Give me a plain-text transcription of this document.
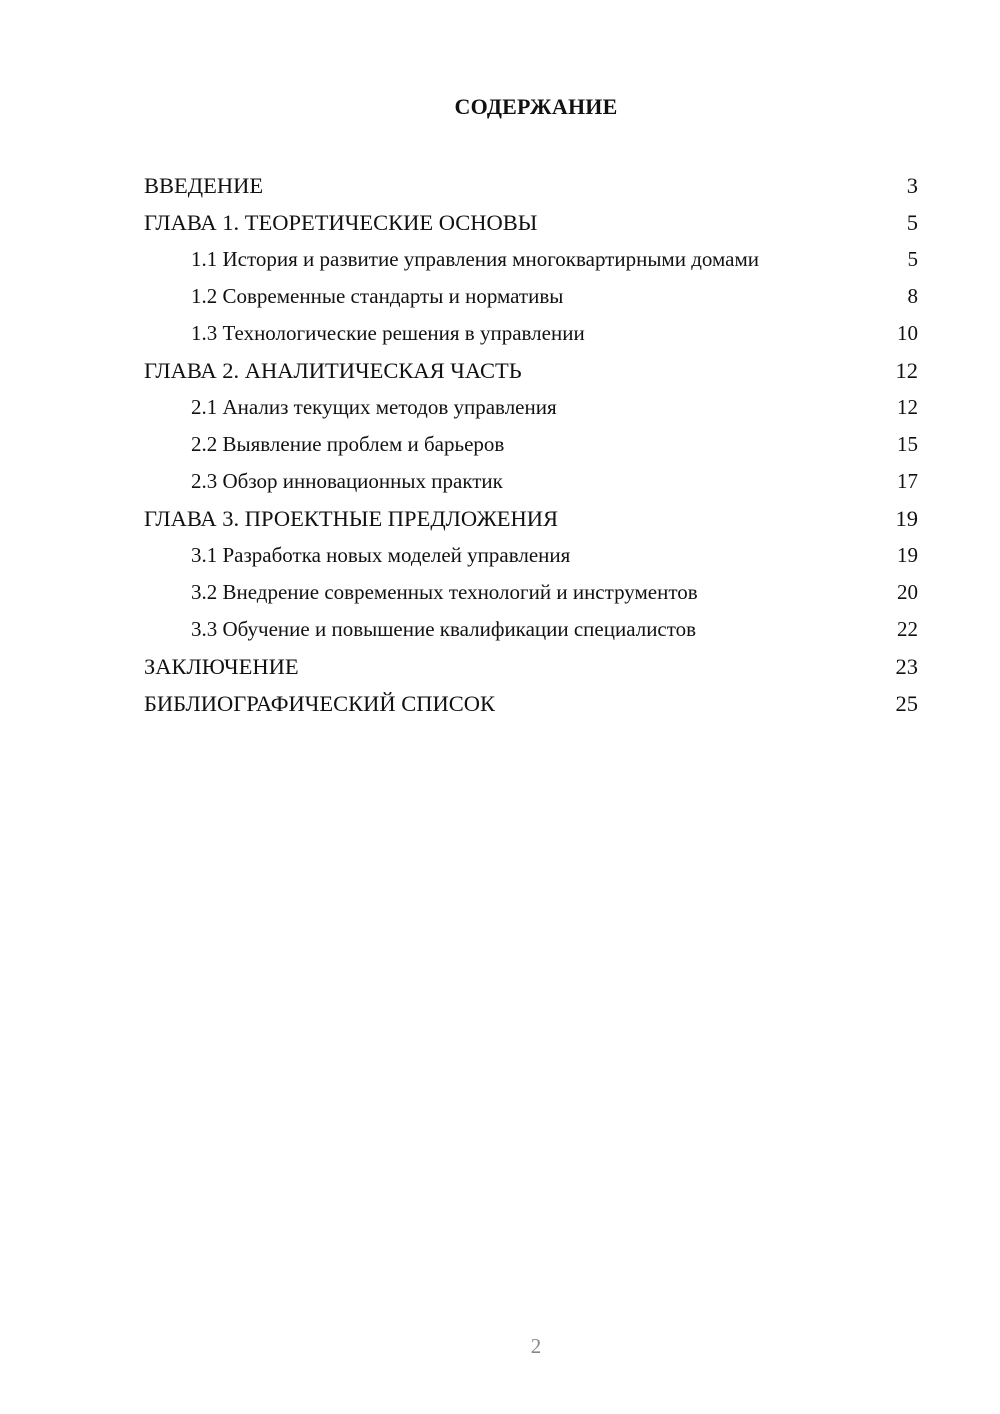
СОДЕРЖАНИЕ
ВВЕДЕНИЕ	3
ГЛАВА 1. ТЕОРЕТИЧЕСКИЕ ОСНОВЫ	5
1.1 История и развитие управления многоквартирными домами	5
1.2 Современные стандарты и нормативы	8
1.3 Технологические решения в управлении	10
ГЛАВА 2. АНАЛИТИЧЕСКАЯ ЧАСТЬ	12
2.1 Анализ текущих методов управления	12
2.2 Выявление проблем и барьеров	15
2.3 Обзор инновационных практик	17
ГЛАВА 3. ПРОЕКТНЫЕ ПРЕДЛОЖЕНИЯ	19
3.1 Разработка новых моделей управления	19
3.2 Внедрение современных технологий и инструментов	20
3.3 Обучение и повышение квалификации специалистов	22
ЗАКЛЮЧЕНИЕ	23
БИБЛИОГРАФИЧЕСКИЙ СПИСОК	25
2
